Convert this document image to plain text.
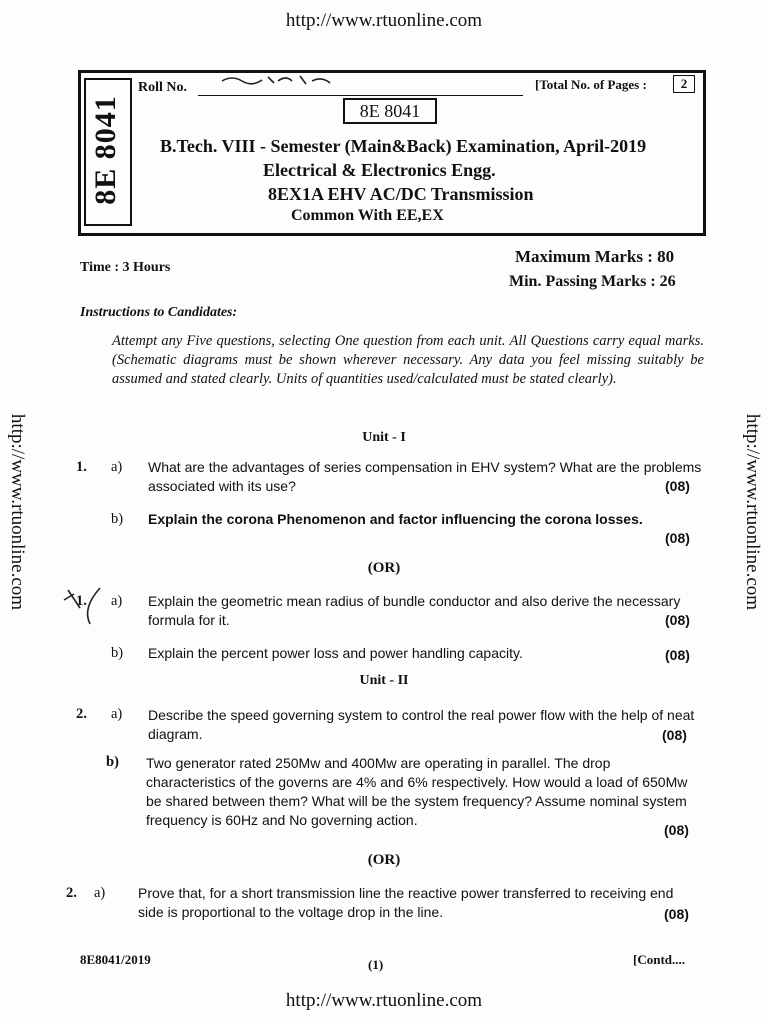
http://www.rtuonline.com
http://www.rtuonline.com	http://www.rtuonline.com
8E 8041
Roll No.	[Total No. of Pages :	2
8E 8041
B.Tech. VIII - Semester (Main&Back) Examination, April-2019
Electrical & Electronics Engg.
8EX1A EHV AC/DC Transmission
Common With EE,EX
Time : 3 Hours
Maximum Marks : 80
Min. Passing Marks : 26
Instructions to Candidates:
Attempt any Five questions, selecting One question from each unit. All Questions carry equal marks. (Schematic diagrams must be shown wherever necessary. Any data you feel missing suitably be assumed and stated clearly. Units of quantities used/calculated must be stated clearly).
Unit - I
1. a) What are the advantages of series compensation in EHV system? What are the problems associated with its use?	(08)
b) Explain the corona Phenomenon and factor influencing the corona losses.
(08)
(OR)
1. a) Explain the geometric mean radius of bundle conductor and also derive the necessary formula for it.	(08)
b) Explain the percent power loss and power handling capacity.	(08)
Unit - II
2. a) Describe the speed governing system to control the real power flow with the help of neat diagram.	(08)
b) Two generator rated 250Mw and 400Mw are operating in parallel. The drop characteristics of the governs are 4% and 6% respectively. How would a load of 650Mw be shared between them? What will be the system frequency? Assume nominal system frequency is 60Hz and No governing action.
(08)
(OR)
2. a) Prove that, for a short transmission line the reactive power transferred to receiving end side is proportional to the voltage drop in the line.	(08)
8E8041/2019	(1)	[Contd....
http://www.rtuonline.com
